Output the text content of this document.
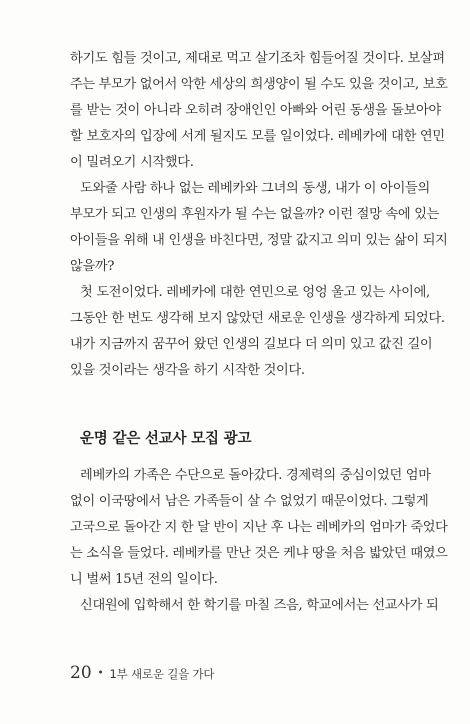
하기도 힘들 것이고, 제대로 먹고 살기조차 힘들어질 것이다. 보살펴
주는 부모가 없어서 악한 세상의 희생양이 될 수도 있을 것이고, 보호
를 받는 것이 아니라 오히려 장애인인 아빠와 어린 동생을 돌보아야
할 보호자의 입장에 서게 될지도 모를 일이었다. 레베카에 대한 연민
이 밀려오기 시작했다.
도와줄 사람 하나 없는 레베카와 그녀의 동생, 내가 이 아이들의
부모가 되고 인생의 후원자가 될 수는 없을까? 이런 절망 속에 있는
아이들을 위해 내 인생을 바친다면, 정말 값지고 의미 있는 삶이 되지
않을까?
첫 도전이었다. 레베카에 대한 연민으로 엉엉 울고 있는 사이에,
그동안 한 번도 생각해 보지 않았던 새로운 인생을 생각하게 되었다.
내가 지금까지 꿈꾸어 왔던 인생의 길보다 더 의미 있고 값진 길이
있을 것이라는 생각을 하기 시작한 것이다.
운명 같은 선교사 모집 광고
레베카의 가족은 수단으로 돌아갔다. 경제력의 중심이었던 엄마
없이 이국땅에서 남은 가족들이 살 수 없었기 때문이었다. 그렇게
고국으로 돌아간 지 한 달 반이 지난 후 나는 레베카의 엄마가 죽었다
는 소식을 들었다. 레베카를 만난 것은 케냐 땅을 처음 밟았던 때였으
니 벌써 15년 전의 일이다.
신대원에 입학해서 한 학기를 마칠 즈음, 학교에서는 선교사가 되
20 • 1부 새로운 길을 가다
